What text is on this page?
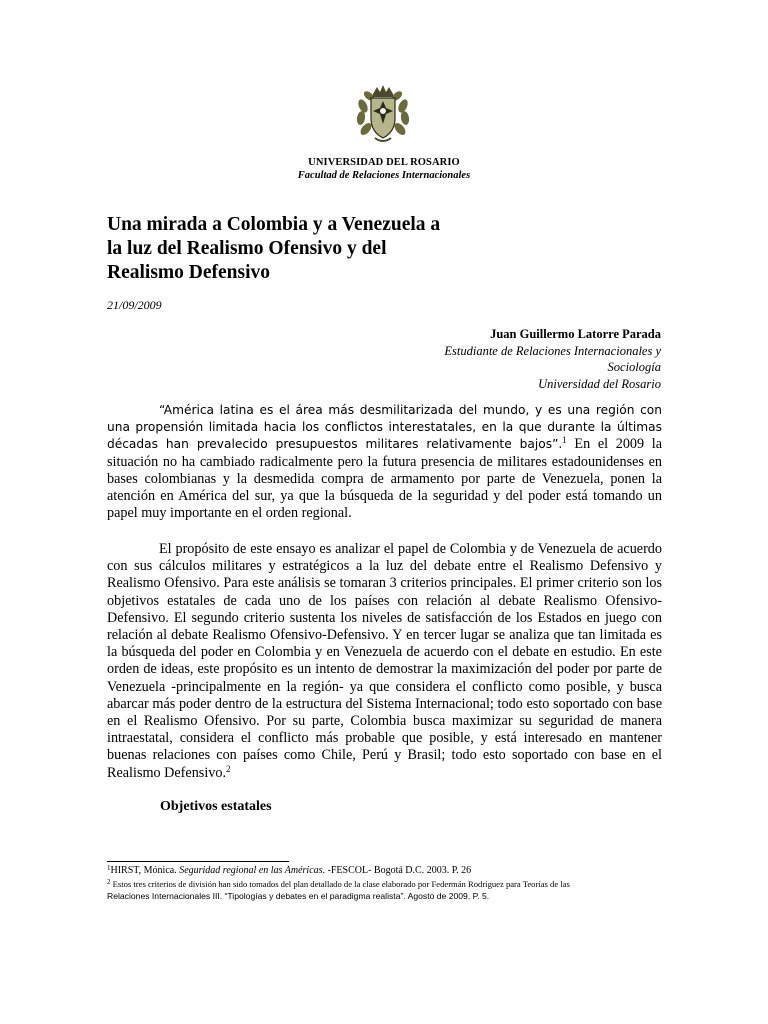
UNIVERSIDAD DEL ROSARIO
Facultad de Relaciones Internacionales
Una mirada a Colombia y a Venezuela a
la luz del Realismo Ofensivo y del
Realismo Defensivo
21/09/2009
Juan Guillermo Latorre Parada
Estudiante de Relaciones Internacionales y
Sociología
Universidad del Rosario
“América latina es el área más desmilitarizada del mundo, y es una región con una propensión limitada hacia los conflictos interestatales, en la que durante la últimas décadas han prevalecido presupuestos militares relativamente bajos”.$^1$ En el 2009 la situación no ha cambiado radicalmente pero la futura presencia de militares estadounidenses en bases colombianas y la desmedida compra de armamento por parte de Venezuela, ponen la atención en América del sur, ya que la búsqueda de la seguridad y del poder está tomando un papel muy importante en el orden regional.
El propósito de este ensayo es analizar el papel de Colombia y de Venezuela de acuerdo con sus cálculos militares y estratégicos a la luz del debate entre el Realismo Defensivo y Realismo Ofensivo. Para este análisis se tomaran 3 criterios principales. El primer criterio son los objetivos estatales de cada uno de los países con relación al debate Realismo Ofensivo-Defensivo. El segundo criterio sustenta los niveles de satisfacción de los Estados en juego con relación al debate Realismo Ofensivo-Defensivo. Y en tercer lugar se analiza que tan limitada es la búsqueda del poder en Colombia y en Venezuela de acuerdo con el debate en estudio. En este orden de ideas, este propósito es un intento de demostrar la maximización del poder por parte de Venezuela -principalmente en la región- ya que considera el conflicto como posible, y busca abarcar más poder dentro de la estructura del Sistema Internacional; todo esto soportado con base en el Realismo Ofensivo. Por su parte, Colombia busca maximizar su seguridad de manera intraestatal, considera el conflicto más probable que posible, y está interesado en mantener buenas relaciones con países como Chile, Perú y Brasil; todo esto soportado con base en el Realismo Defensivo.$^2$
Objetivos estatales
$^1$HIRST, Mónica. Seguridad regional en las Américas. -FESCOL- Bogotá D.C. 2003. P. 26
$^2$ Estos tres criterios de división han sido tomados del plan detallado de la clase elaborado por Federmán Rodríguez para Teorías de las
Relaciones Internacionales III. “Tipologías y debates en el paradigma realista”. Agosto de 2009. P. 5.
